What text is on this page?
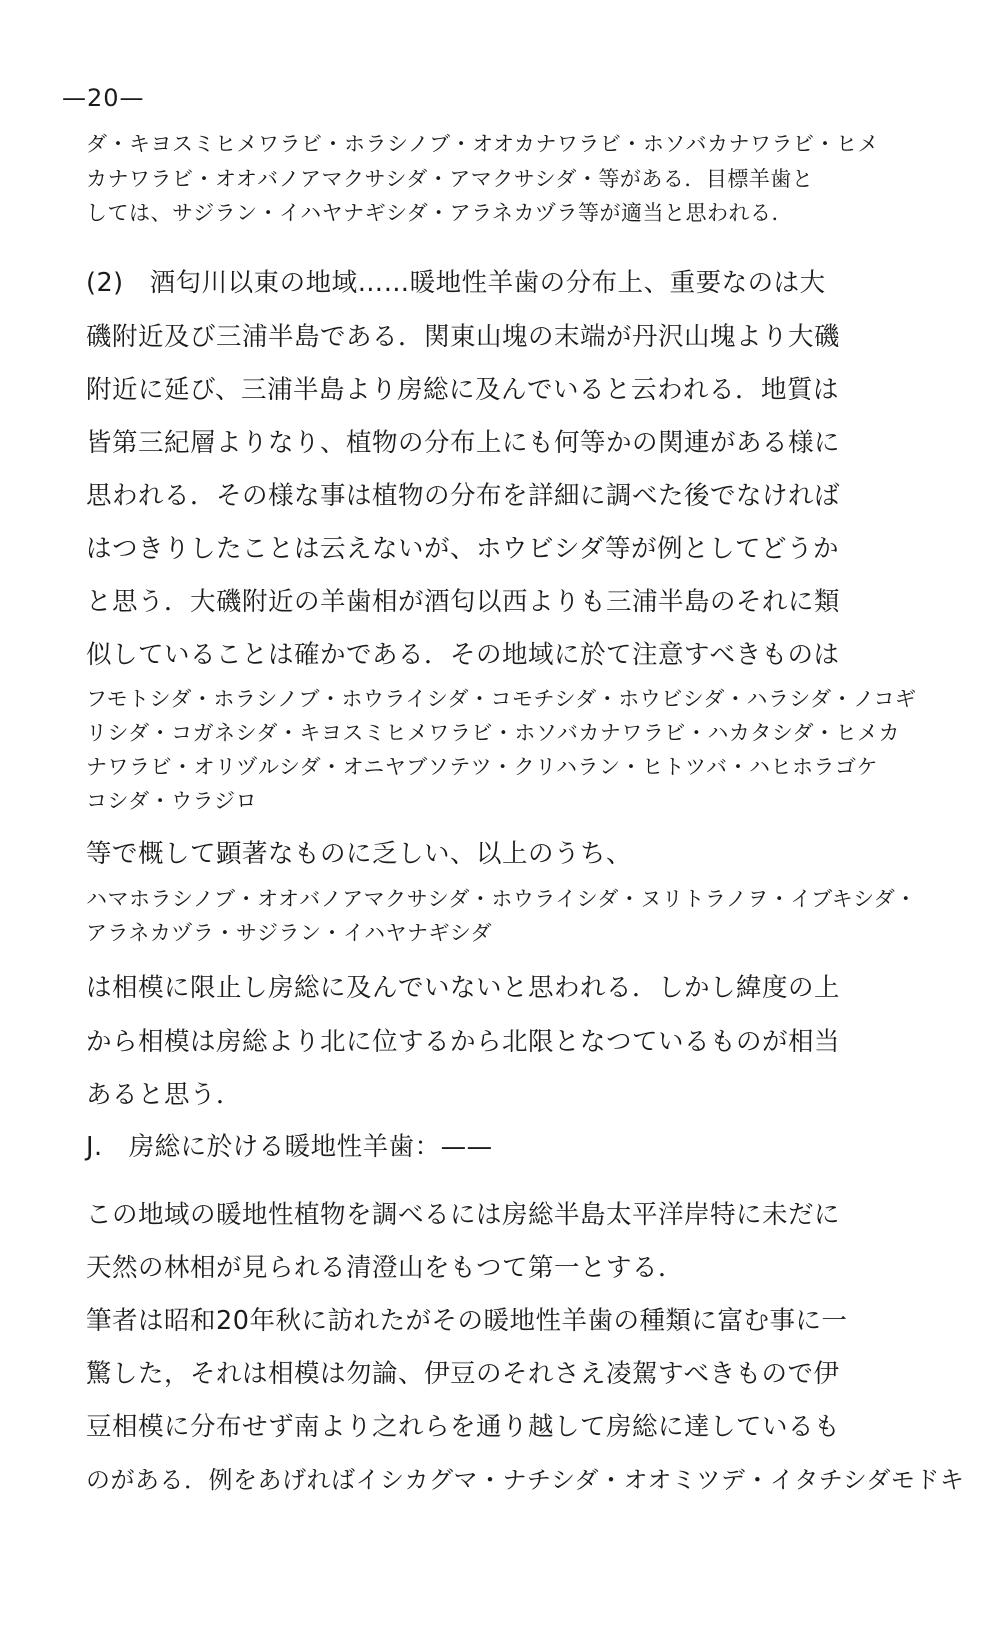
—20—
ダ・キヨスミヒメワラビ・ホラシノブ・オオカナワラビ・ホソバカナワラビ・ヒメ
カナワラビ・オオバノアマクサシダ・アマクサシダ・等がある．目標羊歯と
しては、サジラン・イハヤナギシダ・アラネカヅラ等が適当と思われる．
(2)　酒匂川以東の地域……暖地性羊歯の分布上、重要なのは大
磯附近及び三浦半島である．関東山塊の末端が丹沢山塊より大磯
附近に延び、三浦半島より房総に及んでいると云われる．地質は
皆第三紀層よりなり、植物の分布上にも何等かの関連がある様に
思われる．その様な事は植物の分布を詳細に調べた後でなければ
はつきりしたことは云えないが、ホウビシダ等が例としてどうか
と思う．大磯附近の羊歯相が酒匂以西よりも三浦半島のそれに類
似していることは確かである．その地域に於て注意すべきものは
フモトシダ・ホラシノブ・ホウライシダ・コモチシダ・ホウビシダ・ハラシダ・ノコギ
リシダ・コガネシダ・キヨスミヒメワラビ・ホソバカナワラビ・ハカタシダ・ヒメカ
ナワラビ・オリヅルシダ・オニヤブソテツ・クリハラン・ヒトツバ・ハヒホラゴケ
コシダ・ウラジロ
等で概して顕著なものに乏しい、以上のうち、
ハマホラシノブ・オオバノアマクサシダ・ホウライシダ・ヌリトラノヲ・イブキシダ・
アラネカヅラ・サジラン・イハヤナギシダ
は相模に限止し房総に及んでいないと思われる．しかし緯度の上
から相模は房総より北に位するから北限となつているものが相当
あると思う．
J.　房総に於ける暖地性羊歯：——
この地域の暖地性植物を調べるには房総半島太平洋岸特に未だに
天然の林相が見られる清澄山をもつて第一とする．
筆者は昭和20年秋に訪れたがその暖地性羊歯の種類に富む事に一
驚した，それは相模は勿論、伊豆のそれさえ凌駕すべきもので伊
豆相模に分布せず南より之れらを通り越して房総に達しているも
のがある．例をあげればイシカグマ・ナチシダ・オオミツデ・イタチシダモドキ
